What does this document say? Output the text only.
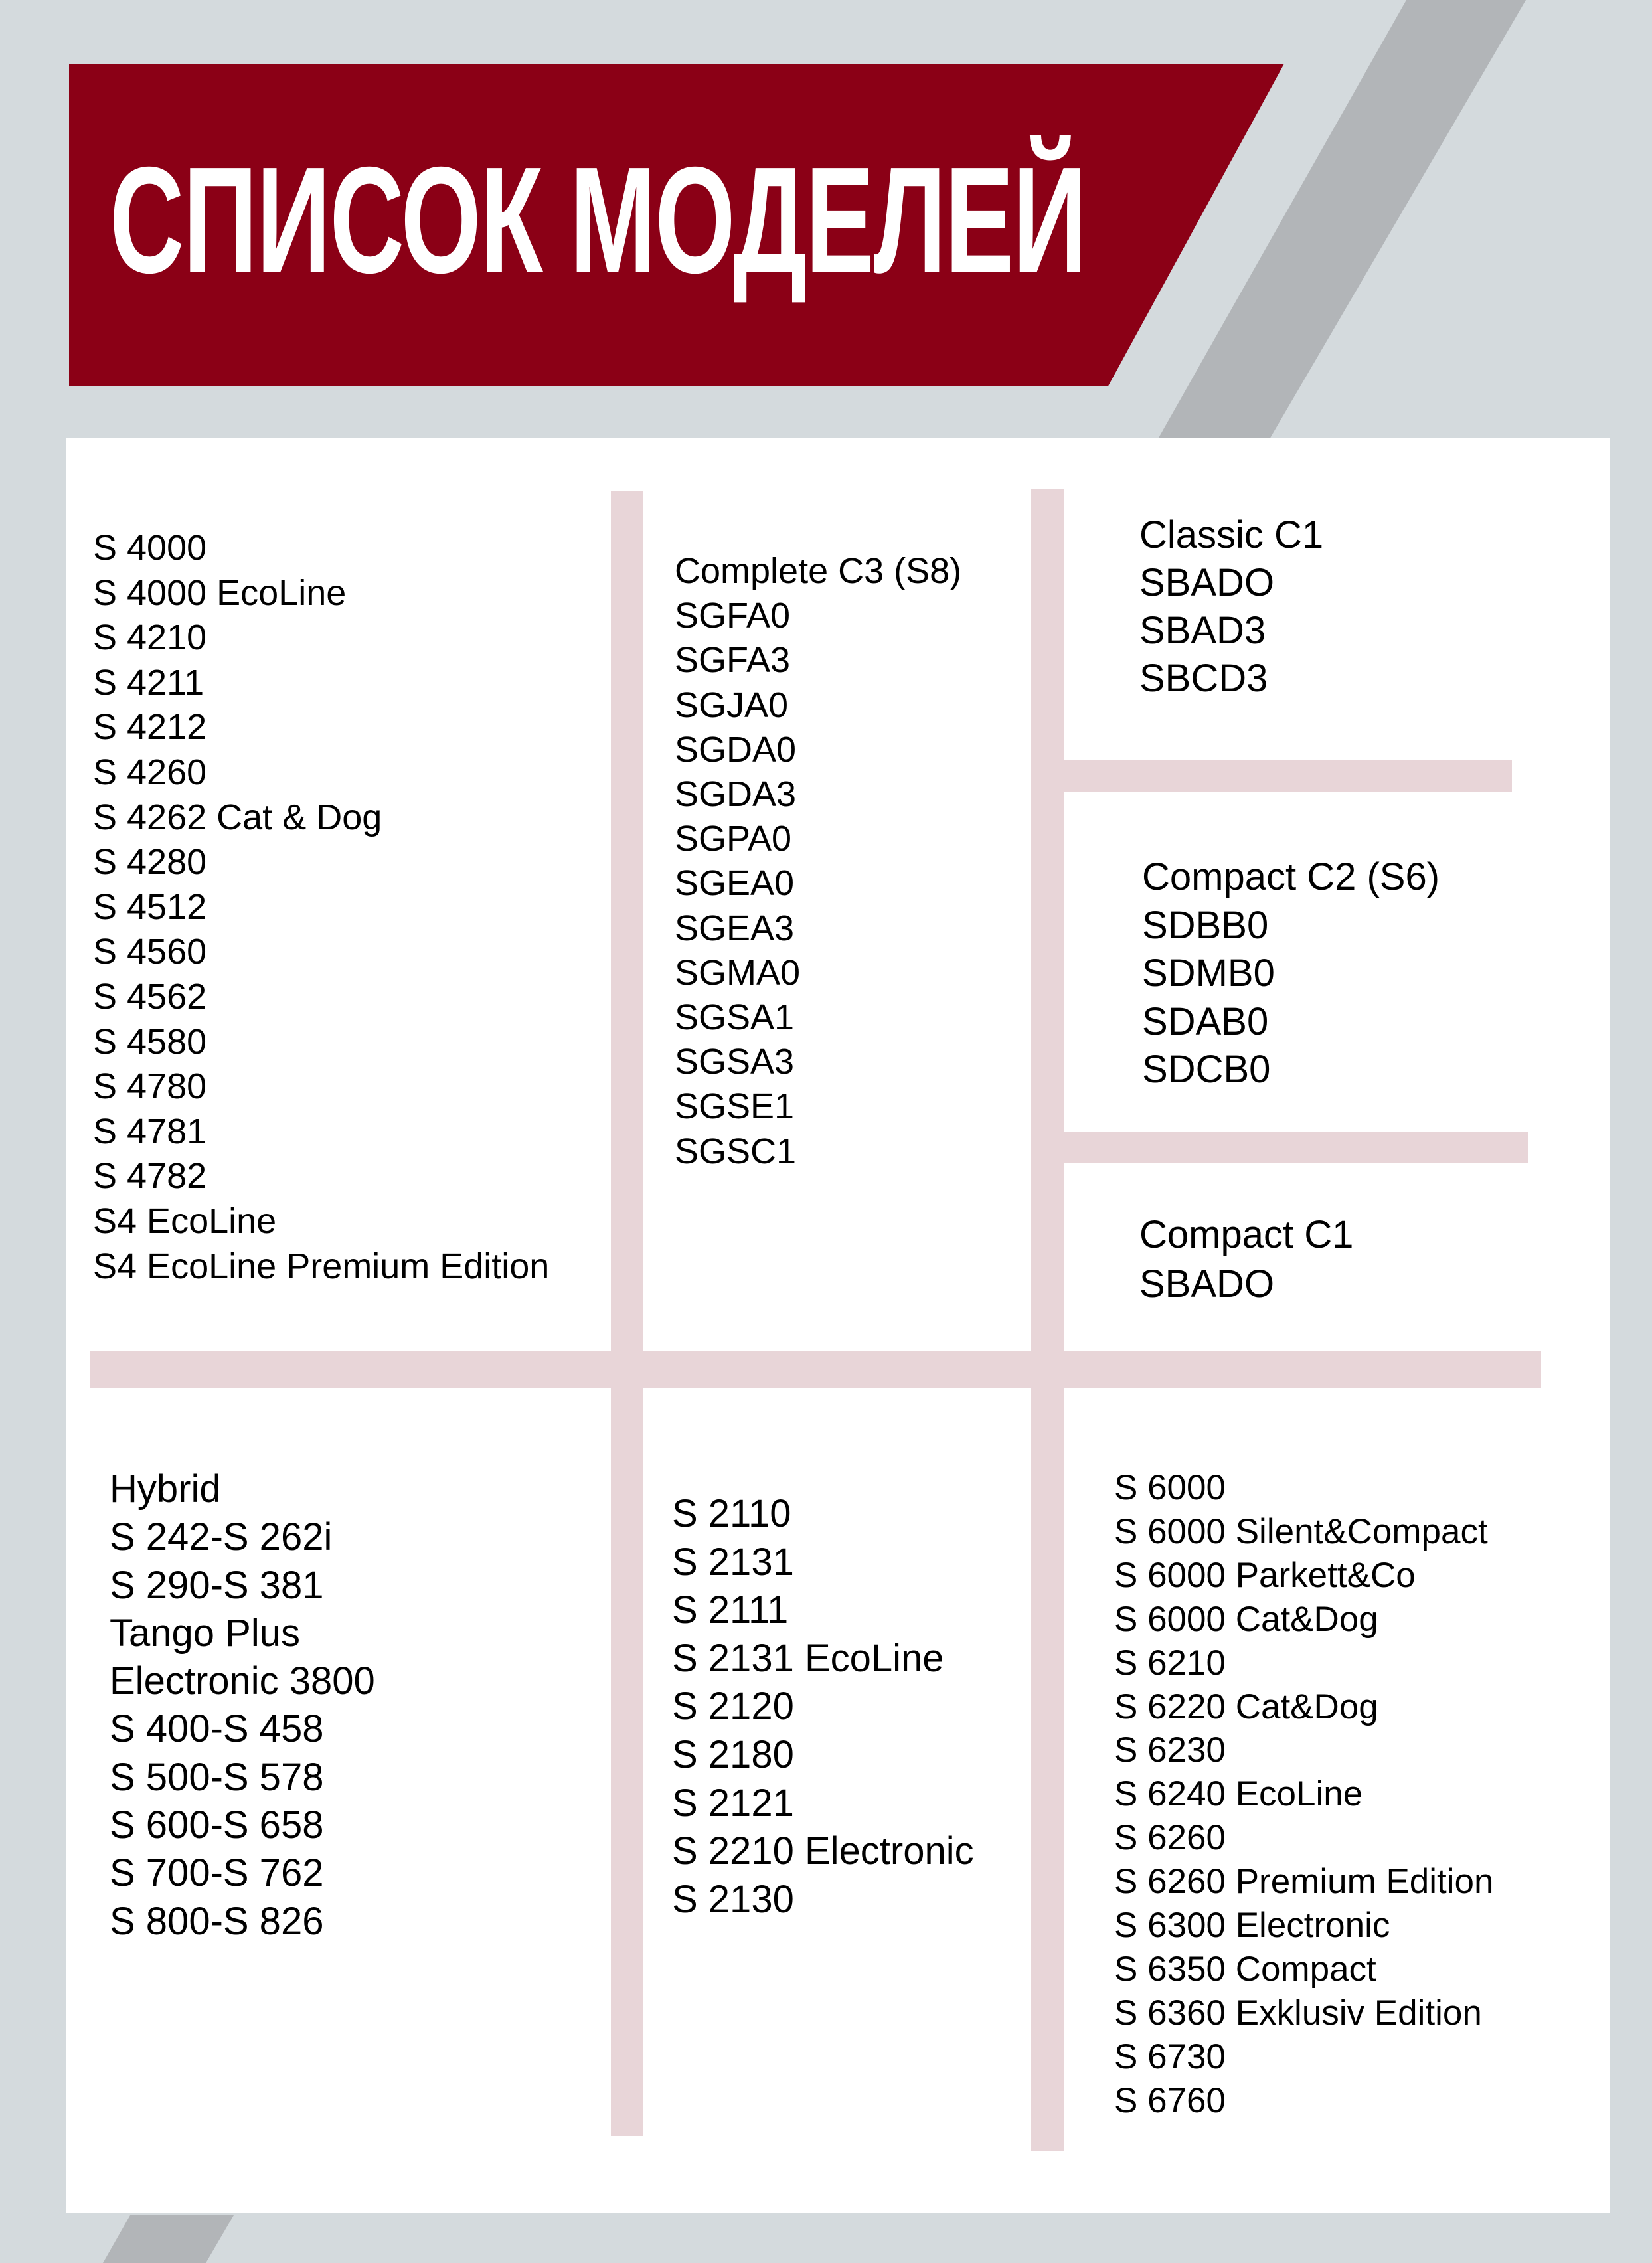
СПИСОК МОДЕЛЕЙ
S 4000
S 4000 EcoLine
S 4210
S 4211
S 4212
S 4260
S 4262 Cat & Dog
S 4280
S 4512
S 4560
S 4562
S 4580
S 4780
S 4781
S 4782
S4 EcoLine
S4 EcoLine Premium Edition
Complete C3 (S8)
SGFA0
SGFA3
SGJA0
SGDA0
SGDA3
SGPA0
SGEA0
SGEA3
SGMA0
SGSA1
SGSA3
SGSE1
SGSC1
Classic C1
SBADO
SBAD3
SBCD3
Compact C2 (S6)
SDBB0
SDMB0
SDAB0
SDCB0
Compact C1
SBADO
Hybrid
S 242-S 262i
S 290-S 381
Tango Plus
Electronic 3800
S 400-S 458
S 500-S 578
S 600-S 658
S 700-S 762
S 800-S 826
S 2110
S 2131
S 2111
S 2131 EcoLine
S 2120
S 2180
S 2121
S 2210 Electronic
S 2130
S 6000
S 6000 Silent&Compact
S 6000 Parkett&Co
S 6000 Cat&Dog
S 6210
S 6220 Cat&Dog
S 6230
S 6240 EcoLine
S 6260
S 6260 Premium Edition
S 6300 Electronic
S 6350 Compact
S 6360 Exklusiv Edition
S 6730
S 6760
